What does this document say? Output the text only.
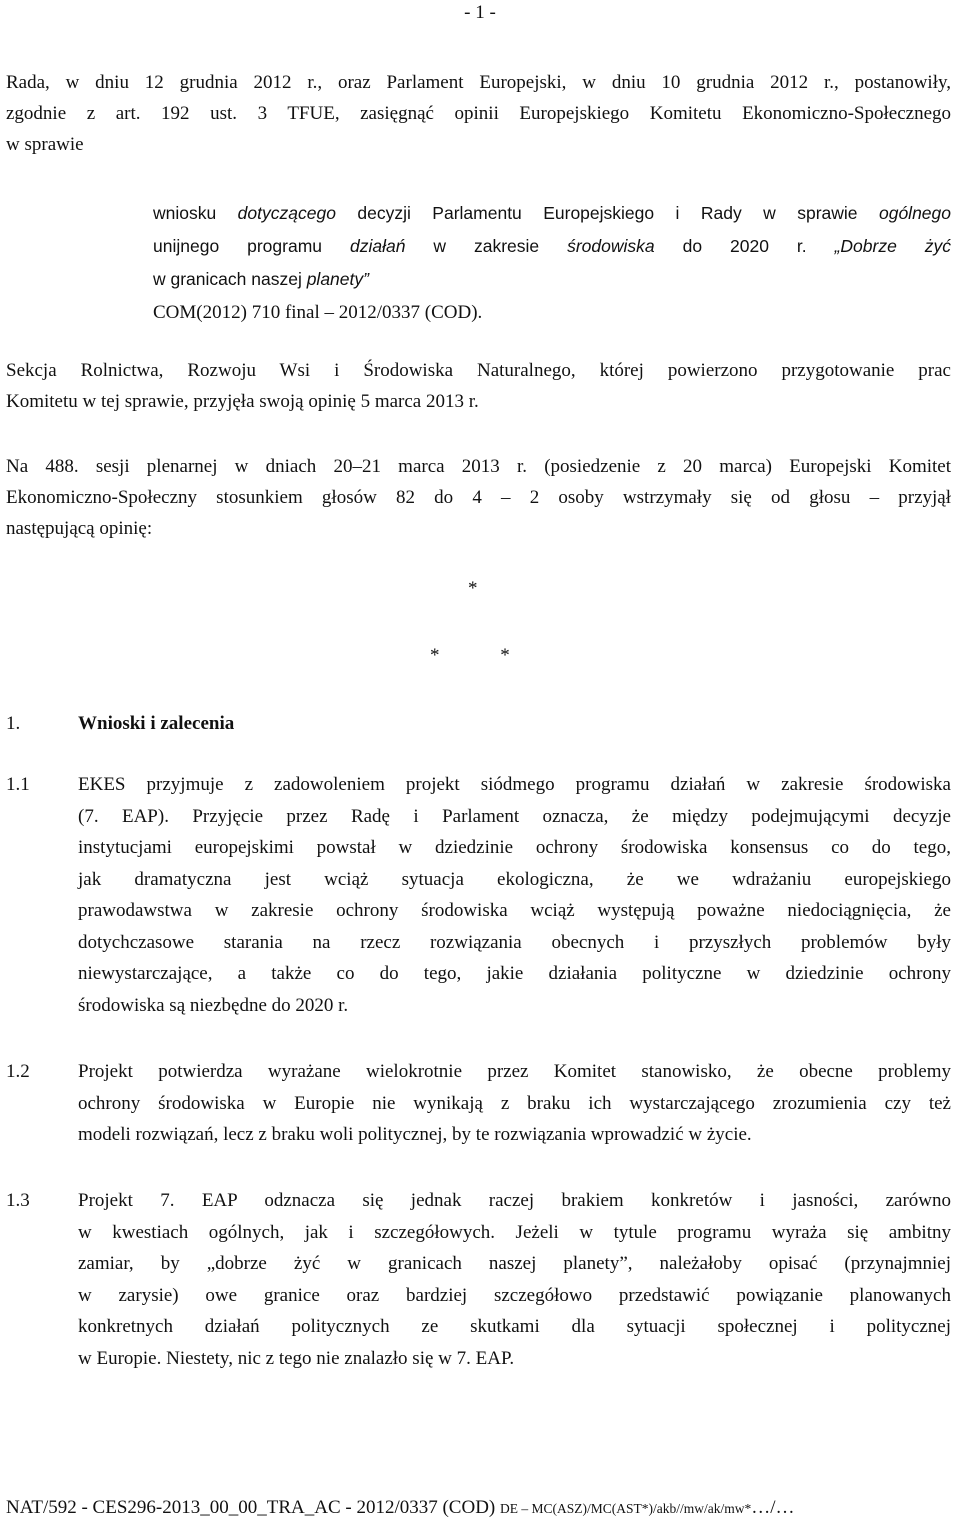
- 1 -
Rada, w dniu 12 grudnia 2012 r., oraz Parlament Europejski, w dniu 10 grudnia 2012 r., postanowiły,
zgodnie z art. 192 ust. 3 TFUE, zasięgnąć opinii Europejskiego Komitetu Ekonomiczno-Społecznego
w sprawie
wniosku dotyczącego decyzji Parlamentu Europejskiego i Rady w sprawie ogólnego
unijnego programu działań w zakresie środowiska do 2020 r. „Dobrze żyć
w granicach naszej planety”
COM(2012) 710 final – 2012/0337 (COD).
Sekcja Rolnictwa, Rozwoju Wsi i Środowiska Naturalnego, której powierzono przygotowanie prac
Komitetu w tej sprawie, przyjęła swoją opinię 5 marca 2013 r.
Na 488. sesji plenarnej w dniach 20–21 marca 2013 r. (posiedzenie z 20 marca) Europejski Komitet
Ekonomiczno-Społeczny stosunkiem głosów 82 do 4 – 2 osoby wstrzymały się od głosu – przyjął
następującą opinię:
*
* *
1.	Wnioski i zalecenia
1.1	EKES przyjmuje z zadowoleniem projekt siódmego programu działań w zakresie środowiska
(7. EAP). Przyjęcie przez Radę i Parlament oznacza, że między podejmującymi decyzje
instytucjami europejskimi powstał w dziedzinie ochrony środowiska konsensus co do tego,
jak dramatyczna jest wciąż sytuacja ekologiczna, że we wdrażaniu europejskiego
prawodawstwa w zakresie ochrony środowiska wciąż występują poważne niedociągnięcia, że
dotychczasowe starania na rzecz rozwiązania obecnych i przyszłych problemów były
niewystarczające, a także co do tego, jakie działania polityczne w dziedzinie ochrony
środowiska są niezbędne do 2020 r.
1.2	Projekt potwierdza wyrażane wielokrotnie przez Komitet stanowisko, że obecne problemy
ochrony środowiska w Europie nie wynikają z braku ich wystarczającego zrozumienia czy też
modeli rozwiązań, lecz z braku woli politycznej, by te rozwiązania wprowadzić w życie.
1.3	Projekt 7. EAP odznacza się jednak raczej brakiem konkretów i jasności, zarówno
w kwestiach ogólnych, jak i szczegółowych. Jeżeli w tytule programu wyraża się ambitny
zamiar, by „dobrze żyć w granicach naszej planety”, należałoby opisać (przynajmniej
w zarysie) owe granice oraz bardziej szczegółowo przedstawić powiązanie planowanych
konkretnych działań politycznych ze skutkami dla sytuacji społecznej i politycznej
w Europie. Niestety, nic z tego nie znalazło się w 7. EAP.
NAT/592 - CES296-2013_00_00_TRA_AC - 2012/0337 (COD) DE – MC(ASZ)/MC(AST*)/akb//mw/ak/mw*…/…
